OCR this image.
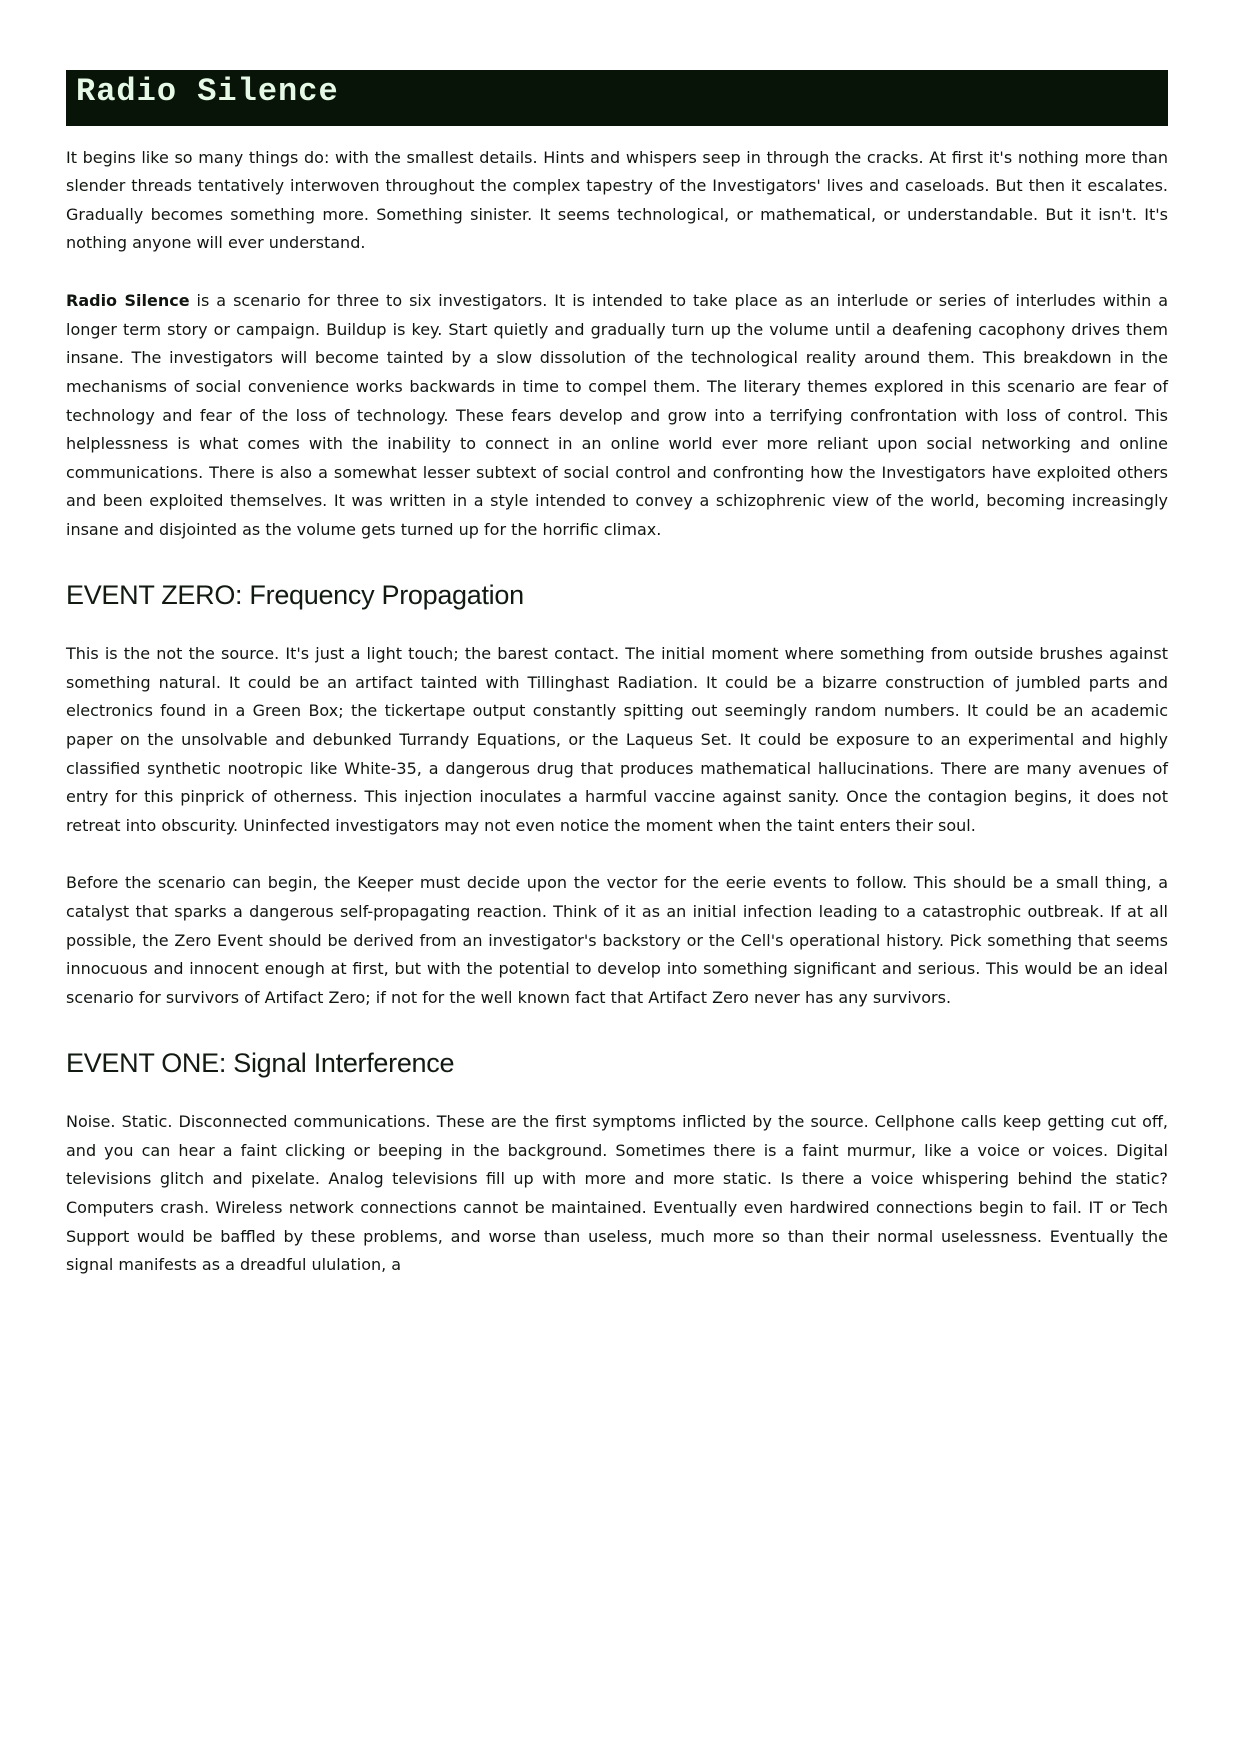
Radio Silence

It begins like so many things do: with the smallest details. Hints and whispers seep in through the cracks. At first it's nothing more than slender threads tentatively interwoven throughout the complex tapestry of the Investigators' lives and caseloads. But then it escalates. Gradually becomes something more. Something sinister. It seems technological, or mathematical, or understandable. But it isn't. It's nothing anyone will ever understand.

Radio Silence is a scenario for three to six investigators. It is intended to take place as an interlude or series of interludes within a longer term story or campaign. Buildup is key. Start quietly and gradually turn up the volume until a deafening cacophony drives them insane. The investigators will become tainted by a slow dissolution of the technological reality around them. This breakdown in the mechanisms of social convenience works backwards in time to compel them. The literary themes explored in this scenario are fear of technology and fear of the loss of technology. These fears develop and grow into a terrifying confrontation with loss of control. This helplessness is what comes with the inability to connect in an online world ever more reliant upon social networking and online communications. There is also a somewhat lesser subtext of social control and confronting how the Investigators have exploited others and been exploited themselves. It was written in a style intended to convey a schizophrenic view of the world, becoming increasingly insane and disjointed as the volume gets turned up for the horrific climax.

EVENT ZERO: Frequency Propagation

This is the not the source. It's just a light touch; the barest contact. The initial moment where something from outside brushes against something natural. It could be an artifact tainted with Tillinghast Radiation. It could be a bizarre construction of jumbled parts and electronics found in a Green Box; the tickertape output constantly spitting out seemingly random numbers. It could be an academic paper on the unsolvable and debunked Turrandy Equations, or the Laqueus Set. It could be exposure to an experimental and highly classified synthetic nootropic like White-35, a dangerous drug that produces mathematical hallucinations. There are many avenues of entry for this pinprick of otherness. This injection inoculates a harmful vaccine against sanity. Once the contagion begins, it does not retreat into obscurity. Uninfected investigators may not even notice the moment when the taint enters their soul.

Before the scenario can begin, the Keeper must decide upon the vector for the eerie events to follow. This should be a small thing, a catalyst that sparks a dangerous self-propagating reaction. Think of it as an initial infection leading to a catastrophic outbreak. If at all possible, the Zero Event should be derived from an investigator's backstory or the Cell's operational history. Pick something that seems innocuous and innocent enough at first, but with the potential to develop into something significant and serious. This would be an ideal scenario for survivors of Artifact Zero; if not for the well known fact that Artifact Zero never has any survivors.

EVENT ONE: Signal Interference

Noise. Static. Disconnected communications. These are the first symptoms inflicted by the source. Cellphone calls keep getting cut off, and you can hear a faint clicking or beeping in the background. Sometimes there is a faint murmur, like a voice or voices. Digital televisions glitch and pixelate. Analog televisions fill up with more and more static. Is there a voice whispering behind the static? Computers crash. Wireless network connections cannot be maintained. Eventually even hardwired connections begin to fail. IT or Tech Support would be baffled by these problems, and worse than useless, much more so than their normal uselessness. Eventually the signal manifests as a dreadful ululation, a
